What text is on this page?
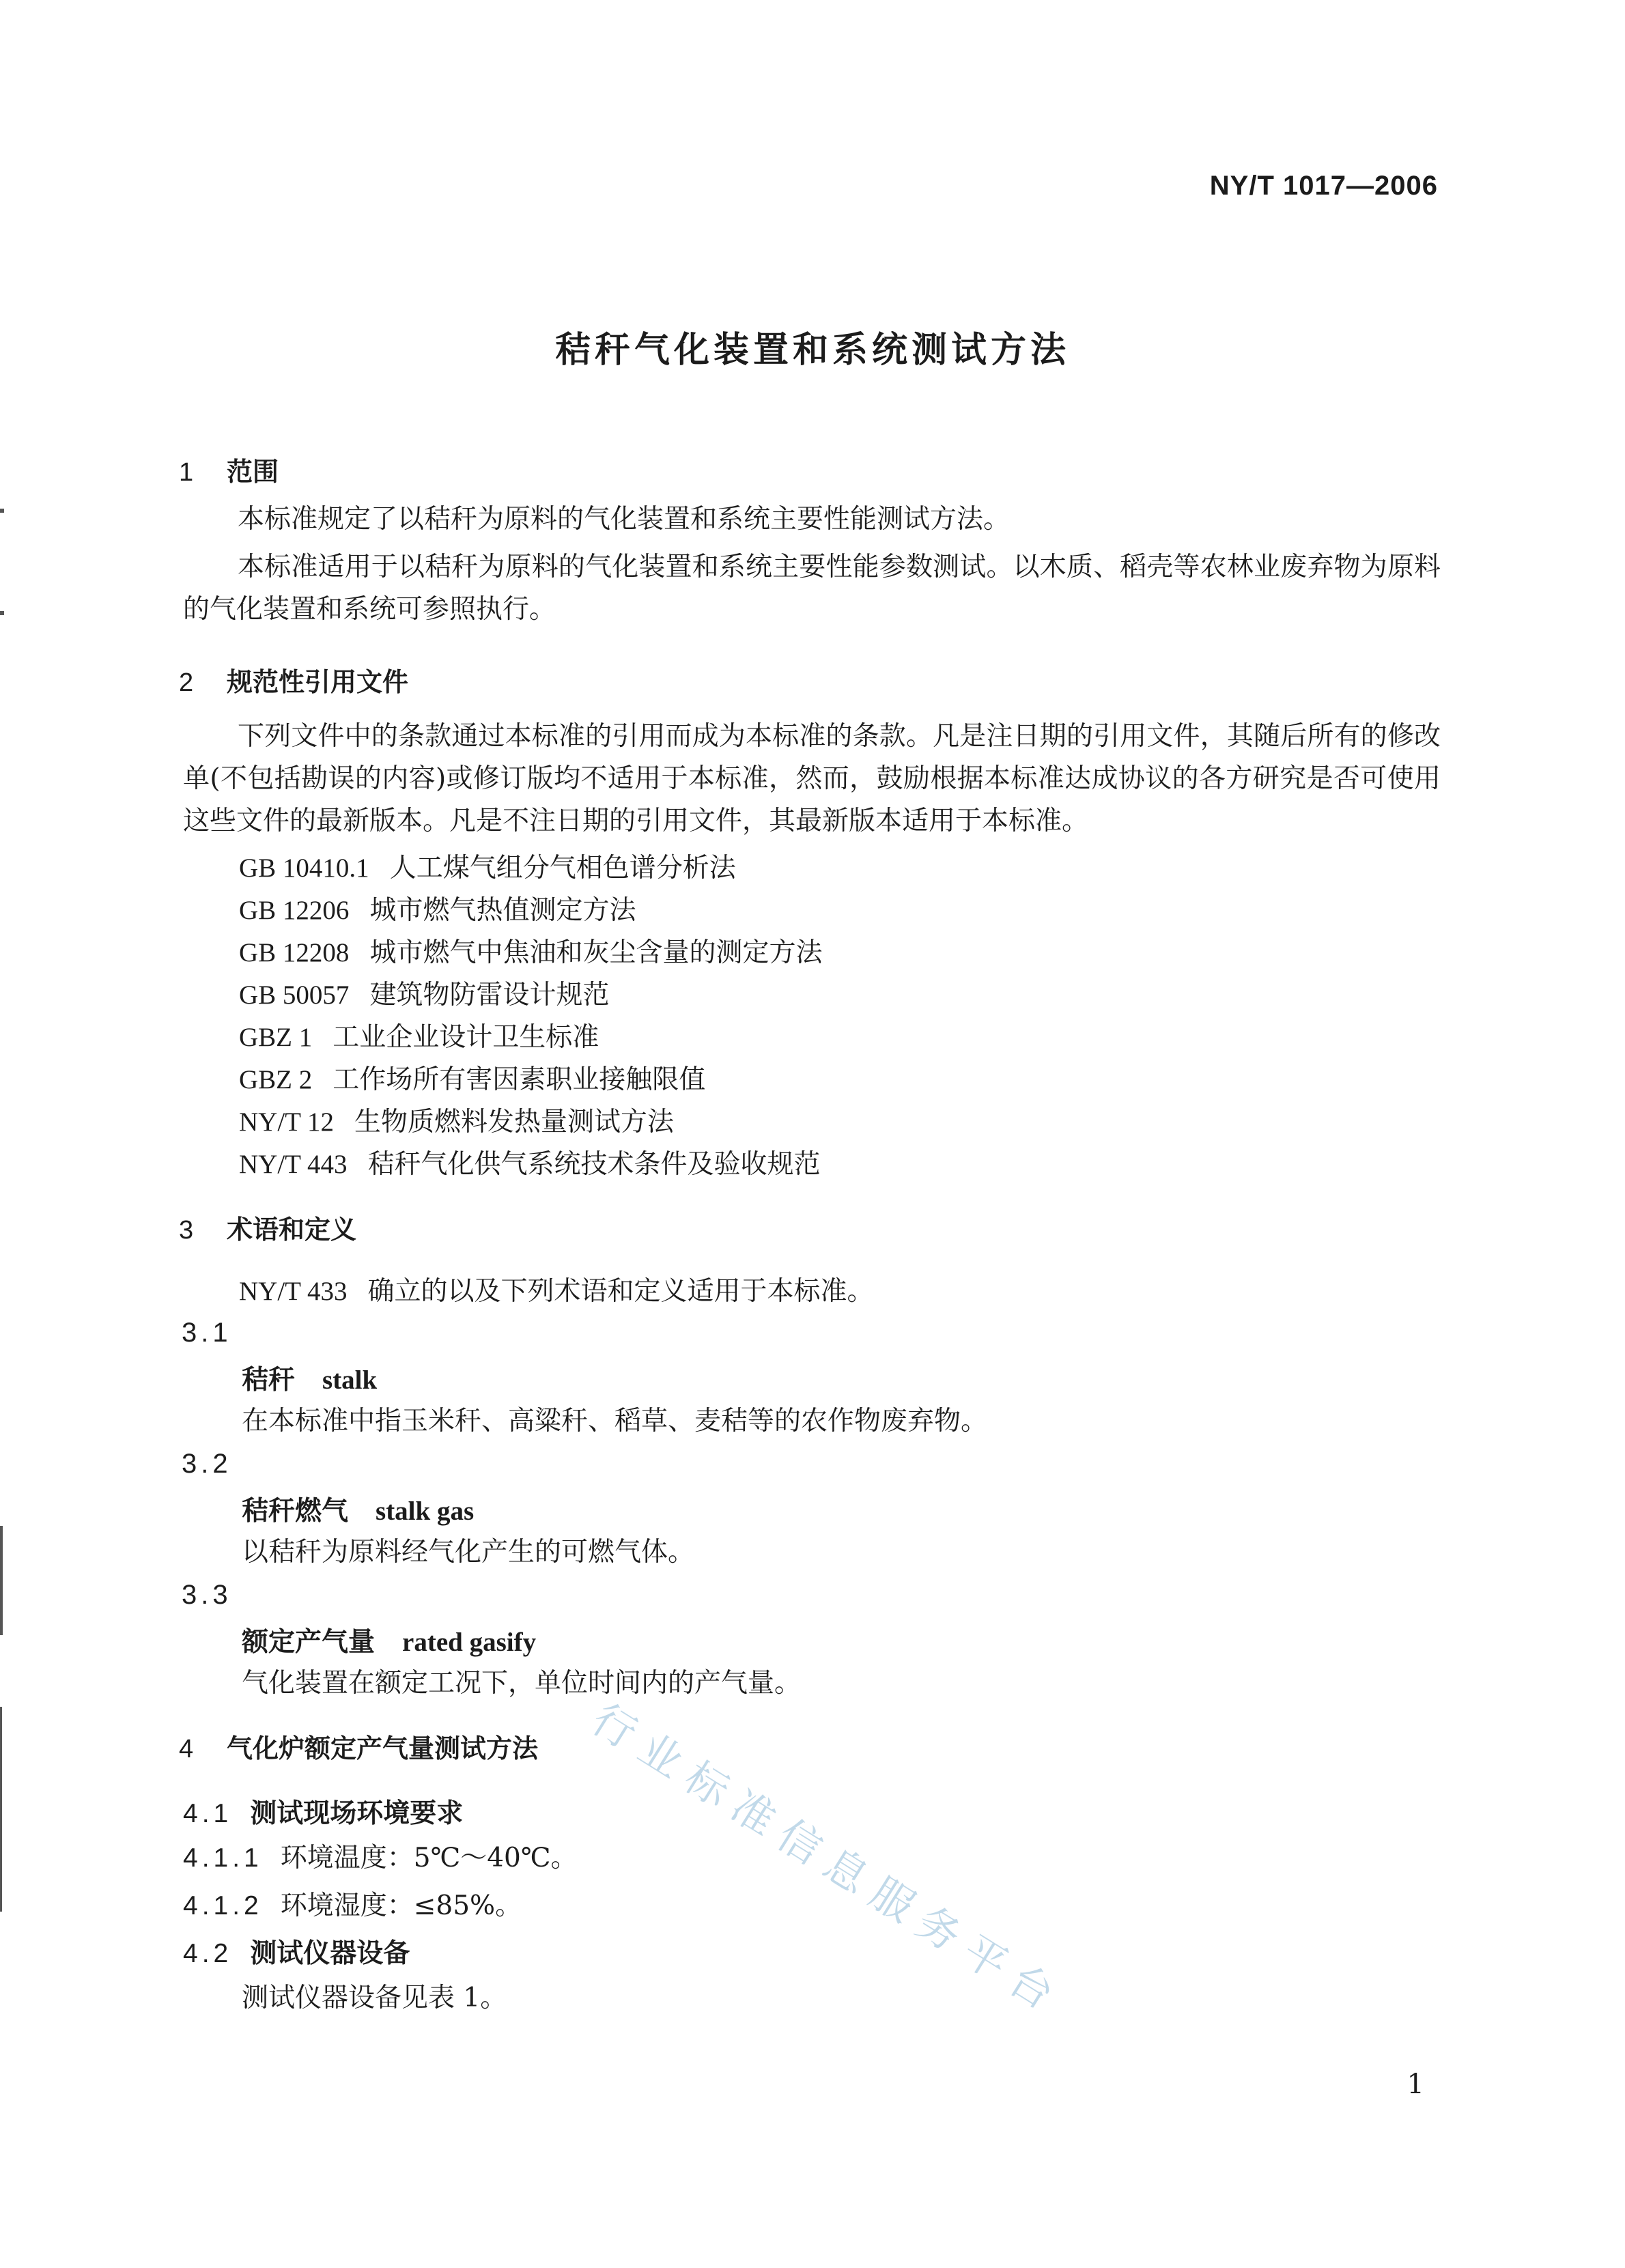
NY/T 1017—2006
秸秆气化装置和系统测试方法
1 范围
本标准规定了以秸秆为原料的气化装置和系统主要性能测试方法。
本标准适用于以秸秆为原料的气化装置和系统主要性能参数测试。以木质、稻壳等农林业废弃物为原料的气化装置和系统可参照执行。
2 规范性引用文件
下列文件中的条款通过本标准的引用而成为本标准的条款。凡是注日期的引用文件，其随后所有的修改单(不包括勘误的内容)或修订版均不适用于本标准，然而，鼓励根据本标准达成协议的各方研究是否可使用这些文件的最新版本。凡是不注日期的引用文件，其最新版本适用于本标准。
GB 10410.1 人工煤气组分气相色谱分析法
GB 12206 城市燃气热值测定方法
GB 12208 城市燃气中焦油和灰尘含量的测定方法
GB 50057 建筑物防雷设计规范
GBZ 1 工业企业设计卫生标准
GBZ 2 工作场所有害因素职业接触限值
NY/T 12 生物质燃料发热量测试方法
NY/T 443 秸秆气化供气系统技术条件及验收规范
3 术语和定义
NY/T 433 确立的以及下列术语和定义适用于本标准。
3.1
秸秆 stalk
在本标准中指玉米秆、高粱秆、稻草、麦秸等的农作物废弃物。
3.2
秸秆燃气 stalk gas
以秸秆为原料经气化产生的可燃气体。
3.3
额定产气量 rated gasify
气化装置在额定工况下，单位时间内的产气量。
4 气化炉额定产气量测试方法
4.1 测试现场环境要求
4.1.1 环境温度：5℃～40℃。
4.1.2 环境湿度：≤85%。
4.2 测试仪器设备
测试仪器设备见表 1。 行业标准信息服务平台
1
